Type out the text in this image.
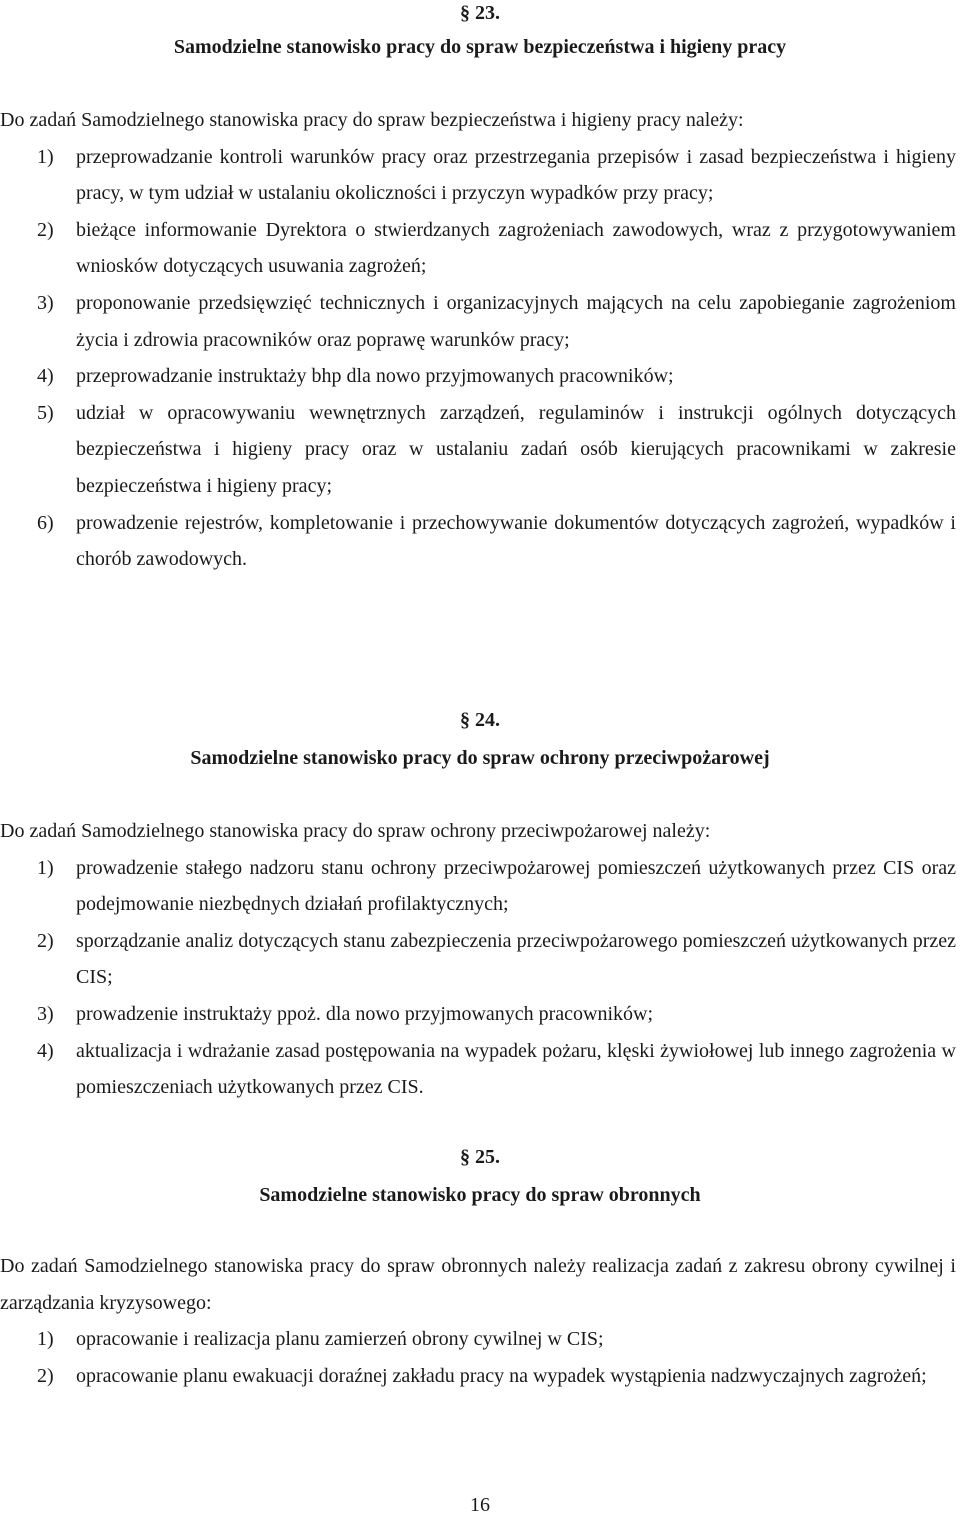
§ 23.
Samodzielne stanowisko pracy do spraw bezpieczeństwa i higieny pracy
Do zadań Samodzielnego stanowiska pracy do spraw bezpieczeństwa i higieny pracy należy:
1)	przeprowadzanie kontroli warunków pracy oraz przestrzegania przepisów i zasad bezpieczeństwa i higieny pracy, w tym udział w ustalaniu okoliczności i przyczyn wypadków przy pracy;
2)	bieżące informowanie Dyrektora o stwierdzanych zagrożeniach zawodowych, wraz z przygotowywaniem wniosków dotyczących usuwania zagrożeń;
3)	proponowanie przedsięwzięć technicznych i organizacyjnych mających na celu zapobieganie zagrożeniom życia i zdrowia pracowników oraz poprawę warunków pracy;
4)	przeprowadzanie instruktaży bhp dla nowo przyjmowanych pracowników;
5)	udział w opracowywaniu wewnętrznych zarządzeń, regulaminów i instrukcji ogólnych dotyczących bezpieczeństwa i higieny pracy oraz w ustalaniu zadań osób kierujących pracownikami w zakresie bezpieczeństwa i higieny pracy;
6)	prowadzenie rejestrów, kompletowanie i przechowywanie dokumentów dotyczących zagrożeń, wypadków i chorób zawodowych.
§ 24.
Samodzielne stanowisko pracy do spraw ochrony przeciwpożarowej
Do zadań Samodzielnego stanowiska pracy do spraw ochrony przeciwpożarowej należy:
1)	prowadzenie stałego nadzoru stanu ochrony przeciwpożarowej pomieszczeń użytkowanych przez CIS oraz podejmowanie niezbędnych działań profilaktycznych;
2)	sporządzanie analiz dotyczących stanu zabezpieczenia przeciwpożarowego pomieszczeń użytkowanych przez CIS;
3)	prowadzenie instruktaży ppoż. dla nowo przyjmowanych pracowników;
4)	aktualizacja i wdrażanie zasad postępowania na wypadek pożaru, klęski żywiołowej lub innego zagrożenia w pomieszczeniach użytkowanych przez CIS.
§ 25.
Samodzielne stanowisko pracy do spraw obronnych
Do zadań Samodzielnego stanowiska pracy do spraw obronnych należy realizacja zadań z zakresu obrony cywilnej i zarządzania kryzysowego:
1)	opracowanie i realizacja planu zamierzeń obrony cywilnej w CIS;
2)	opracowanie planu ewakuacji doraźnej zakładu pracy na wypadek wystąpienia nadzwyczajnych zagrożeń;
16
